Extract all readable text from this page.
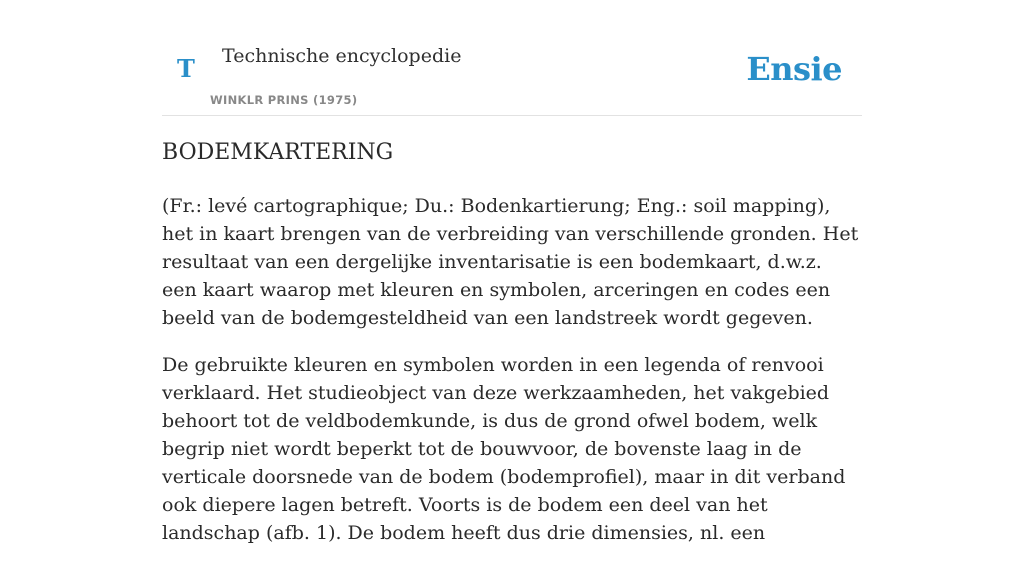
T Technische encyclopedie
WINKLR PRINS (1975)
Ensie
BODEMKARTERING

(Fr.: levé cartographique; Du.: Bodenkartierung; Eng.: soil mapping), het in kaart brengen van de verbreiding van verschillende gronden. Het resultaat van een dergelijke inventarisatie is een bodemkaart, d.w.z. een kaart waarop met kleuren en symbolen, arceringen en codes een beeld van de bodemgesteldheid van een landstreek wordt gegeven.

De gebruikte kleuren en symbolen worden in een legenda of renvooi verklaard. Het studieobject van deze werkzaamheden, het vakgebied behoort tot de veldbodemkunde, is dus de grond ofwel bodem, welk begrip niet wordt beperkt tot de bouwvoor, de bovenste laag in de verticale doorsnede van de bodem (bodemprofiel), maar in dit verband ook diepere lagen betreft. Voorts is de bodem een deel van het landschap (afb. 1). De bodem heeft dus drie dimensies, nl. een
